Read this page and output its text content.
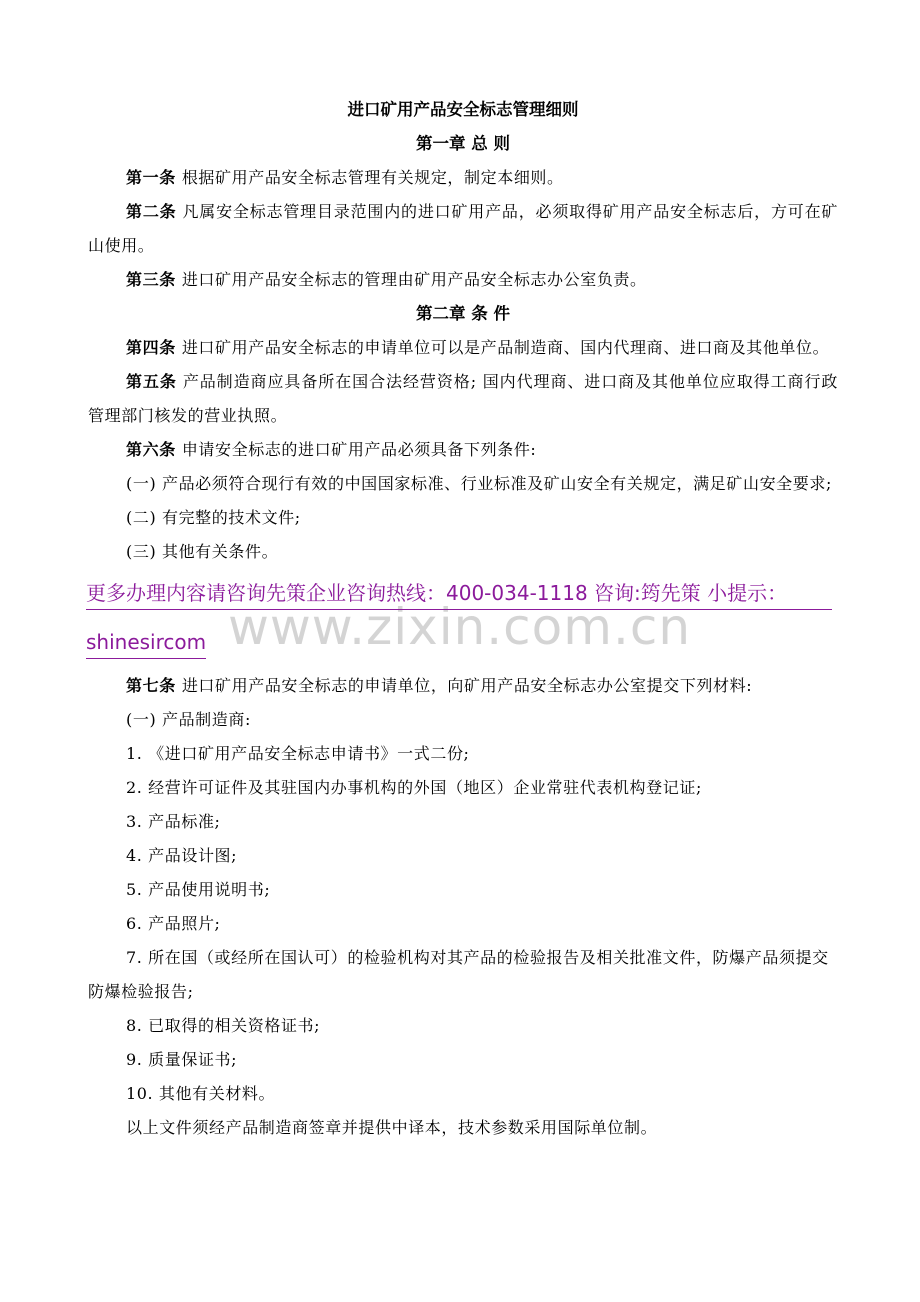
www.zixin.com.cn
进口矿用产品安全标志管理细则
第一章 总 则
第一条 根据矿用产品安全标志管理有关规定，制定本细则。
第二条 凡属安全标志管理目录范围内的进口矿用产品，必须取得矿用产品安全标志后，方可在矿山使用。
第三条 进口矿用产品安全标志的管理由矿用产品安全标志办公室负责。
第二章 条 件
第四条 进口矿用产品安全标志的申请单位可以是产品制造商、国内代理商、进口商及其他单位。
第五条 产品制造商应具备所在国合法经营资格; 国内代理商、进口商及其他单位应取得工商行政管理部门核发的营业执照。
第六条 申请安全标志的进口矿用产品必须具备下列条件:
(一) 产品必须符合现行有效的中国国家标准、行业标准及矿山安全有关规定，满足矿山安全要求;
(二) 有完整的技术文件;
(三) 其他有关条件。
更多办理内容请咨询先策企业咨询热线：400-034-1118 咨询:筠先策 小提示：
shinesircom
第七条 进口矿用产品安全标志的申请单位，向矿用产品安全标志办公室提交下列材料:
(一) 产品制造商:
1. 《进口矿用产品安全标志申请书》一式二份;
2. 经营许可证件及其驻国内办事机构的外国（地区）企业常驻代表机构登记证;
3. 产品标准;
4. 产品设计图;
5. 产品使用说明书;
6. 产品照片;
7. 所在国（或经所在国认可）的检验机构对其产品的检验报告及相关批准文件，防爆产品须提交防爆检验报告;
8. 已取得的相关资格证书;
9. 质量保证书;
10. 其他有关材料。
以上文件须经产品制造商签章并提供中译本，技术参数采用国际单位制。
